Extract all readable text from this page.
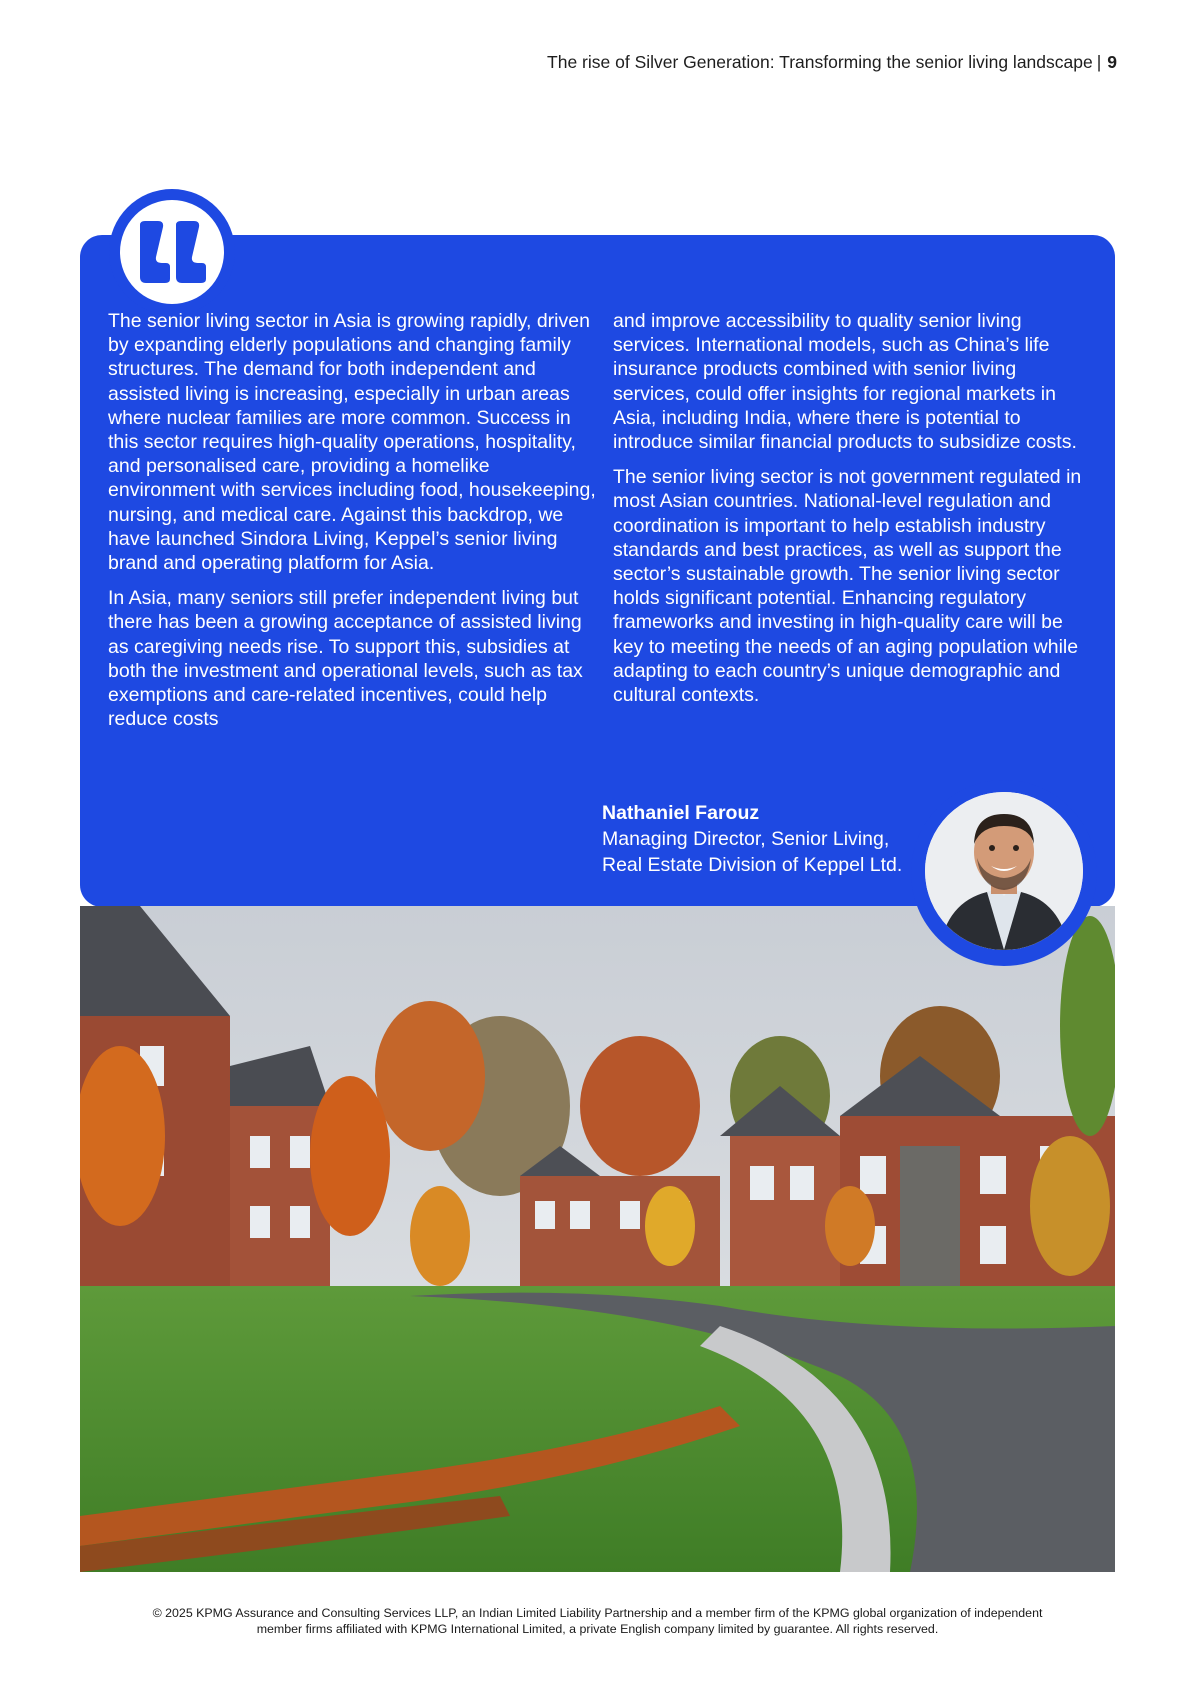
The rise of Silver Generation: Transforming the senior living landscape | 9

The senior living sector in Asia is growing rapidly, driven by expanding elderly populations and changing family structures. The demand for both independent and assisted living is increasing, especially in urban areas where nuclear families are more common. Success in this sector requires high-quality operations, hospitality, and personalised care, providing a homelike environment with services including food, housekeeping, nursing, and medical care. Against this backdrop, we have launched Sindora Living, Keppel’s senior living brand and operating platform for Asia.

In Asia, many seniors still prefer independent living but there has been a growing acceptance of assisted living as caregiving needs rise. To support this, subsidies at both the investment and operational levels, such as tax exemptions and care-related incentives, could help reduce costs

and improve accessibility to quality senior living services. International models, such as China’s life insurance products combined with senior living services, could offer insights for regional markets in Asia, including India, where there is potential to introduce similar financial products to subsidize costs.

The senior living sector is not government regulated in most Asian countries. National-level regulation and coordination is important to help establish industry standards and best practices, as well as support the sector’s sustainable growth. The senior living sector holds significant potential. Enhancing regulatory frameworks and investing in high-quality care will be key to meeting the needs of an aging population while adapting to each country’s unique demographic and cultural contexts.

Nathaniel Farouz
Managing Director, Senior Living,
Real Estate Division of Keppel Ltd.
© 2025 KPMG Assurance and Consulting Services LLP, an Indian Limited Liability Partnership and a member firm of the KPMG global organization of independent
member firms affiliated with KPMG International Limited, a private English company limited by guarantee. All rights reserved.
